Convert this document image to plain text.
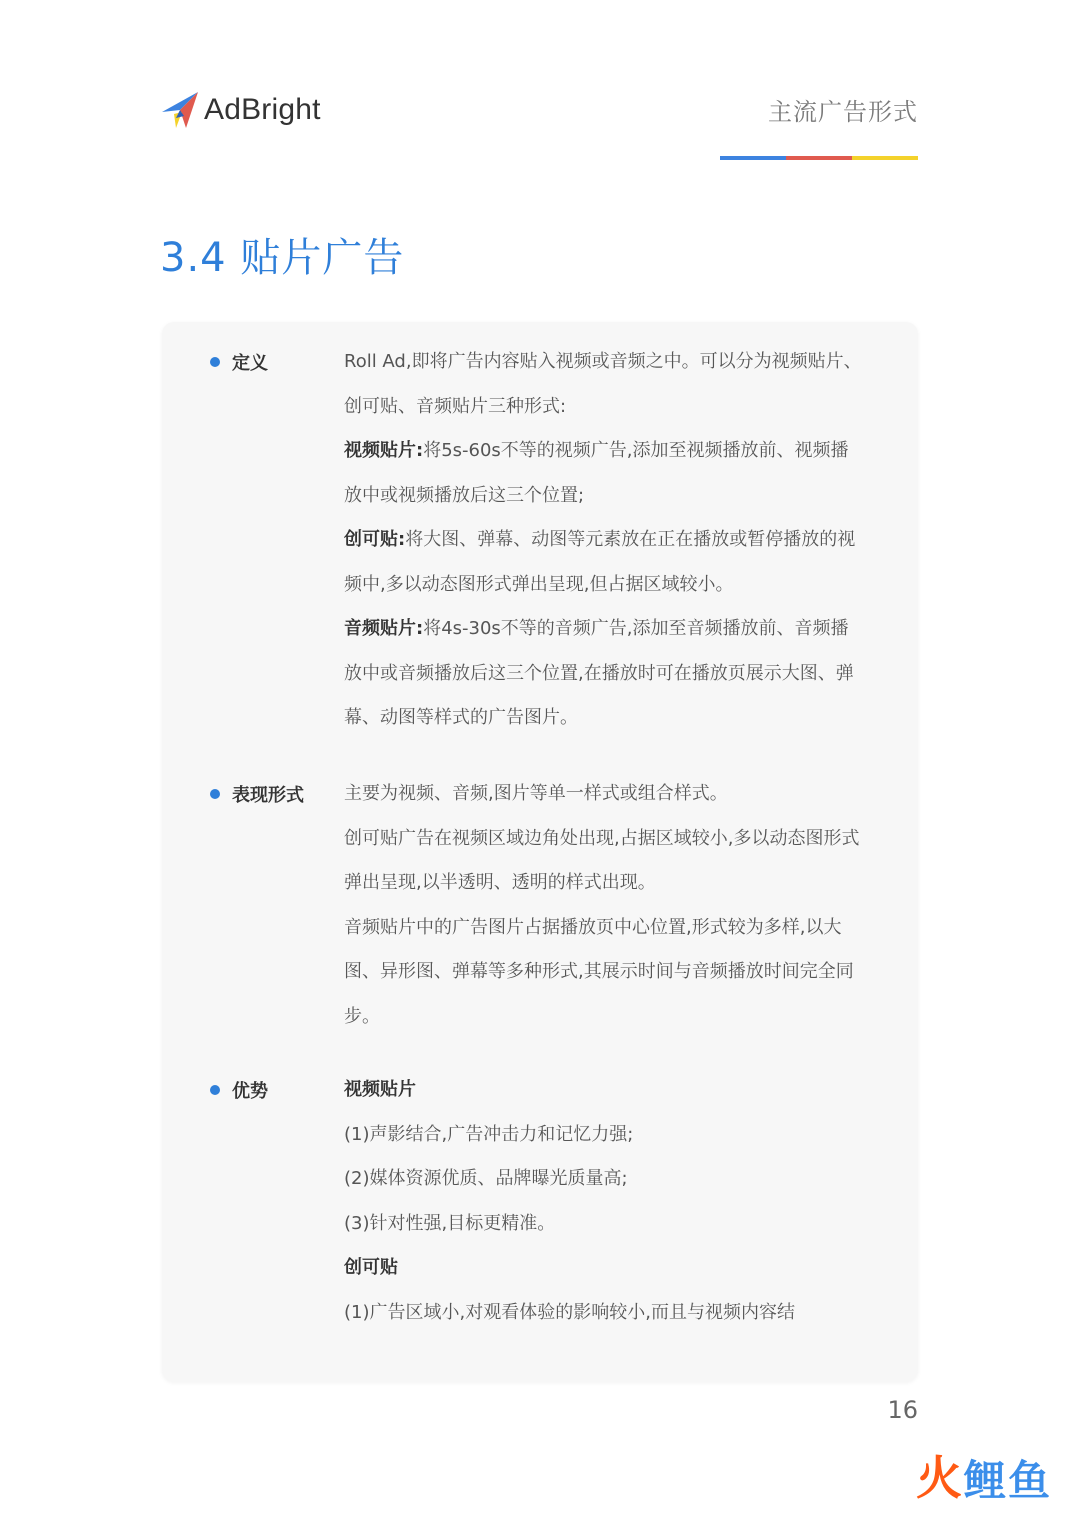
AdBright	主流广告形式
3.4 贴片广告
定义	Roll Ad,即将广告内容贴入视频或音频之中。可以分为视频贴片、创可贴、音频贴片三种形式:

视频贴片:将5s-60s不等的视频广告,添加至视频播放前、视频播放中或视频播放后这三个位置;

创可贴:将大图、弹幕、动图等元素放在正在播放或暂停播放的视频中,多以动态图形式弹出呈现,但占据区域较小。

音频贴片:将4s-30s不等的音频广告,添加至音频播放前、音频播放中或音频播放后这三个位置,在播放时可在播放页展示大图、弹幕、动图等样式的广告图片。

表现形式 主要为视频、音频,图片等单一样式或组合样式。

创可贴广告在视频区域边角处出现,占据区域较小,多以动态图形式弹出呈现,以半透明、透明的样式出现。

音频贴片中的广告图片占据播放页中心位置,形式较为多样,以大图、异形图、弹幕等多种形式,其展示时间与音频播放时间完全同步。

优势	视频贴片

(1)声影结合,广告冲击力和记忆力强;

(2)媒体资源优质、品牌曝光质量高;

(3)针对性强,目标更精准。

创可贴

(1)广告区域小,对观看体验的影响较小,而且与视频内容结

16
火 鲤鱼
